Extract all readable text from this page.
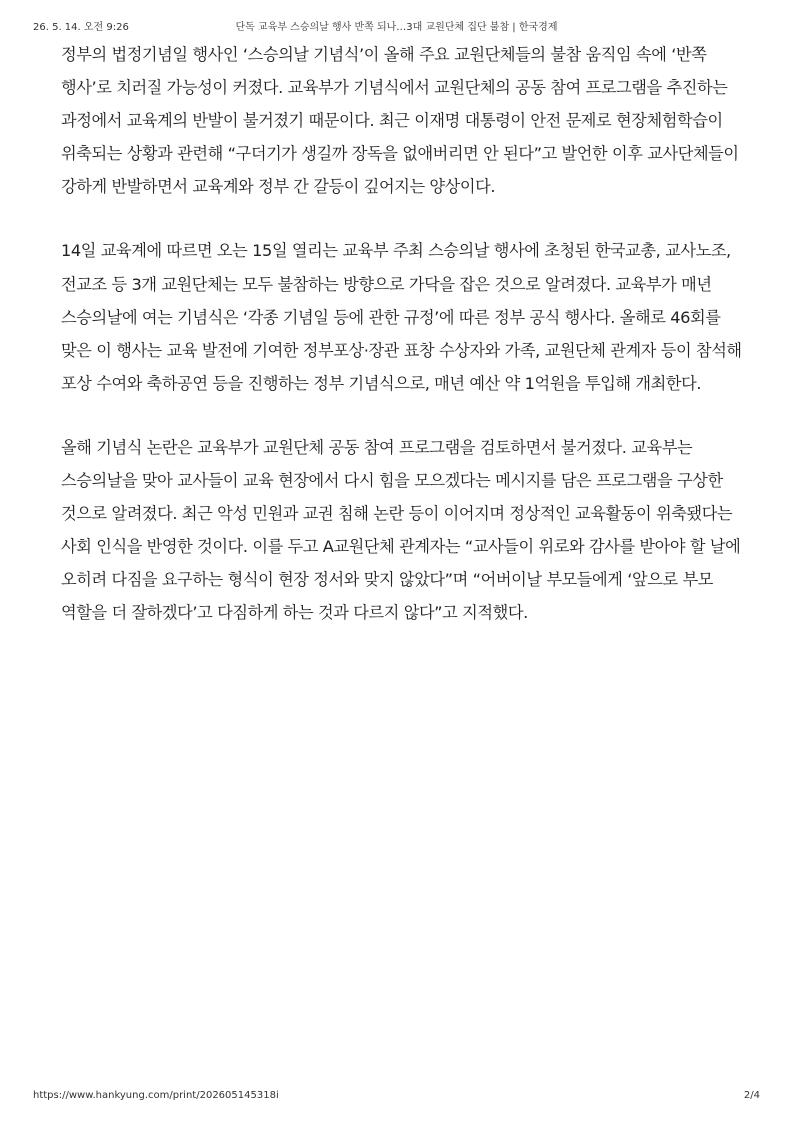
26. 5. 14. 오전 9:26	단독 교육부 스승의날 행사 반쪽 되나…3대 교원단체 집단 불참 | 한국경제

정부의 법정기념일 행사인 ‘스승의날 기념식’이 올해 주요 교원단체들의 불참 움직임 속에 ‘반쪽 행사’로 치러질 가능성이 커졌다. 교육부가 기념식에서 교원단체의 공동 참여 프로그램을 추진하는 과정에서 교육계의 반발이 불거졌기 때문이다. 최근 이재명 대통령이 안전 문제로 현장체험학습이 위축되는 상황과 관련해 “구더기가 생길까 장독을 없애버리면 안 된다”고 발언한 이후 교사단체들이 강하게 반발하면서 교육계와 정부 간 갈등이 깊어지는 양상이다.

14일 교육계에 따르면 오는 15일 열리는 교육부 주최 스승의날 행사에 초청된 한국교총, 교사노조, 전교조 등 3개 교원단체는 모두 불참하는 방향으로 가닥을 잡은 것으로 알려졌다. 교육부가 매년 스승의날에 여는 기념식은 ‘각종 기념일 등에 관한 규정’에 따른 정부 공식 행사다. 올해로 46회를 맞은 이 행사는 교육 발전에 기여한 정부포상·장관 표창 수상자와 가족, 교원단체 관계자 등이 참석해 포상 수여와 축하공연 등을 진행하는 정부 기념식으로, 매년 예산 약 1억원을 투입해 개최한다.

올해 기념식 논란은 교육부가 교원단체 공동 참여 프로그램을 검토하면서 불거졌다. 교육부는 스승의날을 맞아 교사들이 교육 현장에서 다시 힘을 모으겠다는 메시지를 담은 프로그램을 구상한 것으로 알려졌다. 최근 악성 민원과 교권 침해 논란 등이 이어지며 정상적인 교육활동이 위축됐다는 사회 인식을 반영한 것이다. 이를 두고 A교원단체 관계자는 “교사들이 위로와 감사를 받아야 할 날에 오히려 다짐을 요구하는 형식이 현장 정서와 맞지 않았다”며 “어버이날 부모들에게 ‘앞으로 부모 역할을 더 잘하겠다’고 다짐하게 하는 것과 다르지 않다”고 지적했다.

https://www.hankyung.com/print/202605145318i	2/4
